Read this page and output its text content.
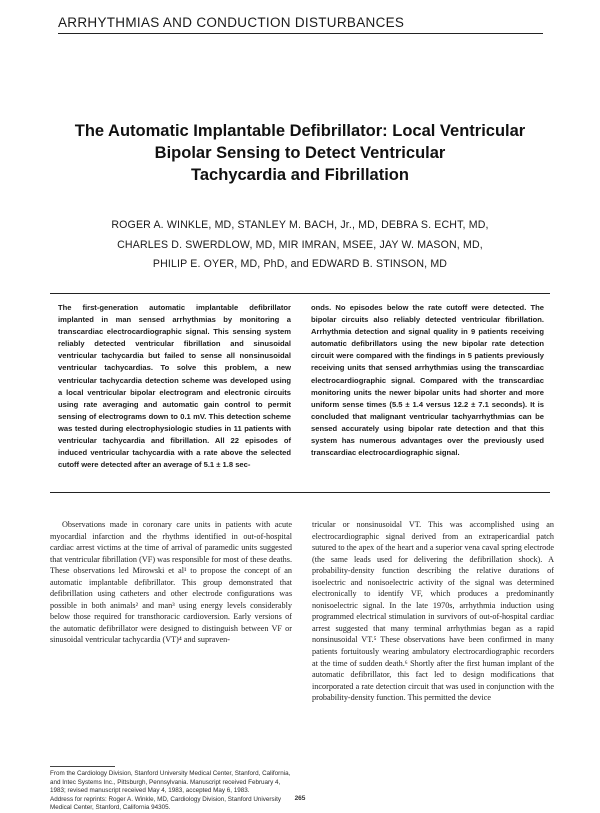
ARRHYTHMIAS AND CONDUCTION DISTURBANCES
The Automatic Implantable Defibrillator: Local Ventricular
Bipolar Sensing to Detect Ventricular
Tachycardia and Fibrillation
ROGER A. WINKLE, MD, STANLEY M. BACH, Jr., MD, DEBRA S. ECHT, MD,
CHARLES D. SWERDLOW, MD, MIR IMRAN, MSEE, JAY W. MASON, MD,
PHILIP E. OYER, MD, PhD, and EDWARD B. STINSON, MD
The first-generation automatic implantable defibrillator implanted in man sensed arrhythmias by monitoring a transcardiac electrocardiographic signal. This sensing system reliably detected ventricular fibrillation and sinusoidal ventricular tachycardia but failed to sense all nonsinusoidal ventricular tachycardias. To solve this problem, a new ventricular tachycardia detection scheme was developed using a local ventricular bipolar electrogram and electronic circuits using rate averaging and automatic gain control to permit sensing of electrograms down to 0.1 mV. This detection scheme was tested during electrophysiologic studies in 11 patients with ventricular tachycardia and fibrillation. All 22 episodes of induced ventricular tachycardia with a rate above the selected cutoff were detected after an average of 5.1 ± 1.8 sec-
onds. No episodes below the rate cutoff were detected. The bipolar circuits also reliably detected ventricular fibrillation. Arrhythmia detection and signal quality in 9 patients receiving automatic defibrillators using the new bipolar rate detection circuit were compared with the findings in 5 patients previously receiving units that sensed arrhythmias using the transcardiac electrocardiographic signal. Compared with the transcardiac monitoring units the newer bipolar units had shorter and more uniform sense times (5.5 ± 1.4 versus 12.2 ± 7.1 seconds). It is concluded that malignant ventricular tachyarrhythmias can be sensed accurately using bipolar rate detection and that this system has numerous advantages over the previously used transcardiac electrocardiographic signal.

Observations made in coronary care units in patients with acute myocardial infarction and the rhythms identified in out-of-hospital cardiac arrest victims at the time of arrival of paramedic units suggested that ventricular fibrillation (VF) was responsible for most of these deaths. These observations led Mirowski et al¹ to propose the concept of an automatic implantable defibrillator. This group demonstrated that defibrillation using catheters and other electrode configurations was possible in both animals² and man³ using energy levels considerably below those required for transthoracic cardioversion. Early versions of the automatic defibrillator were designed to distinguish between VF or sinusoidal ventricular tachycardia (VT)⁴ and supraven-

tricular or nonsinusoidal VT. This was accomplished using an electrocardiographic signal derived from an extrapericardial patch sutured to the apex of the heart and a superior vena caval spring electrode (the same leads used for delivering the defibrillation shock). A probability-density function describing the relative durations of isoelectric and nonisoelectric activity of the signal was determined electronically to identify VF, which produces a predominantly nonisoelectric signal. In the late 1970s, arrhythmia induction using programmed electrical stimulation in survivors of out-of-hospital cardiac arrest suggested that many terminal arrhythmias began as a rapid nonsinusoidal VT.⁵ These observations have been confirmed in many patients fortuitously wearing ambulatory electrocardiographic recorders at the time of sudden death.⁶ Shortly after the first human implant of the automatic defibrillator, this fact led to design modifications that incorporated a rate detection circuit that was used in conjunction with the probability-density function. This permitted the device

From the Cardiology Division, Stanford University Medical Center, Stanford, California, and Intec Systems Inc., Pittsburgh, Pennsylvania. Manuscript received February 4, 1983; revised manuscript received May 4, 1983, accepted May 6, 1983.

Address for reprints: Roger A. Winkle, MD, Cardiology Division, Stanford University Medical Center, Stanford, California 94305.

265
